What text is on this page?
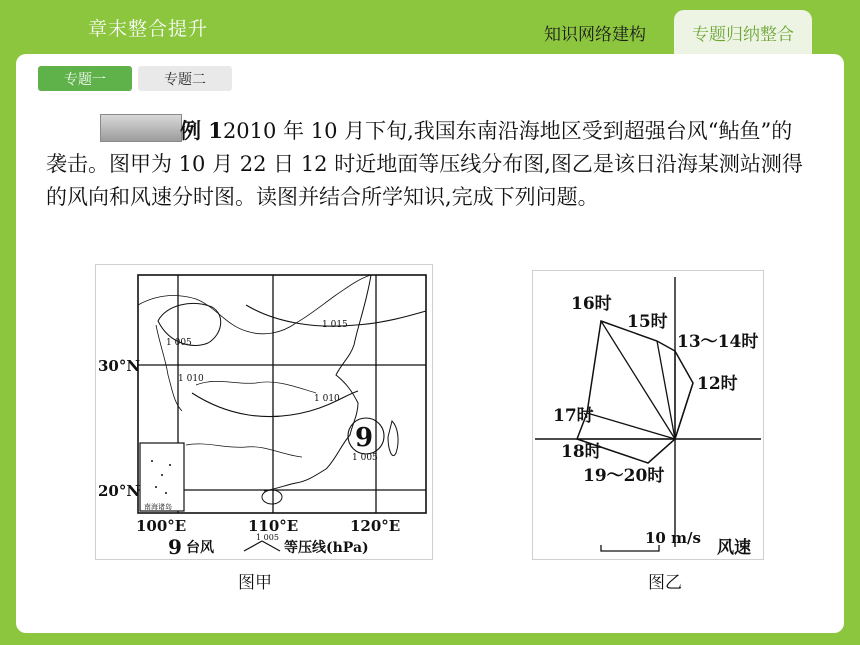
章末整合提升	知识网络建构	专题归纳整合
专题一	专题二
例 12010 年 10 月下旬,我国东南沿海地区受到超强台风“鲇鱼”的袭击。图甲为 10 月 22 日 12 时近地面等压线分布图,图乙是该日沿海某测站测得的风向和风速分时图。读图并结合所学知识,完成下列问题。
9
南海诸岛
1 015
1 005
1 010
1 010
1 005
30°N
20°N
100°E	110°E	120°E
9 台风
1 005
等压线(hPa)
16时
15时
13～14时
12时
17时
18时
19～20时
10 m/s 风速
图甲	图乙
